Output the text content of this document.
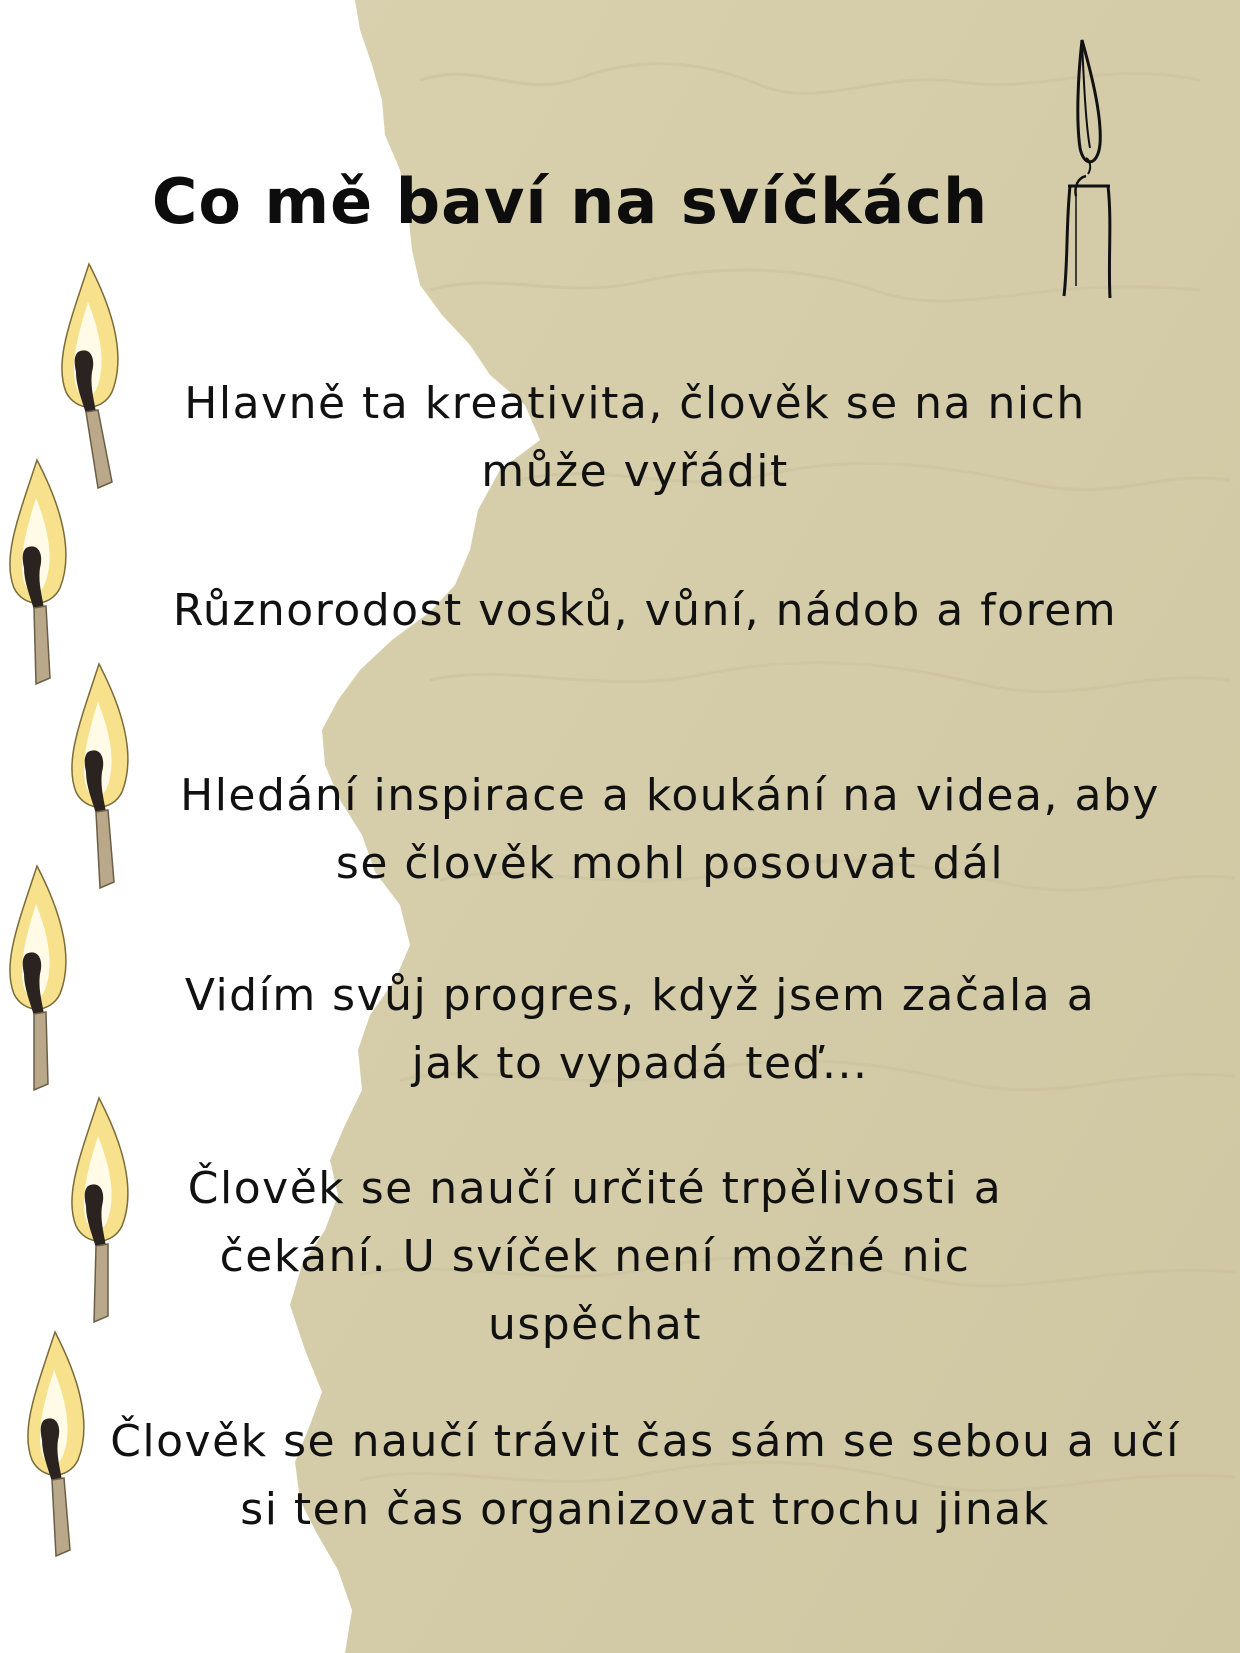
Co mě baví na svíčkách
Hlavně ta kreativita, člověk se na nich může vyřádit
Různorodost vosků, vůní, nádob a forem
Hledání inspirace a koukání na videa, aby se člověk mohl posouvat dál
Vidím svůj progres, když jsem začala a jak to vypadá teď...
Člověk se naučí určité trpělivosti a čekání. U svíček není možné nic uspěchat
Člověk se naučí trávit čas sám se sebou a učí si ten čas organizovat trochu jinak
